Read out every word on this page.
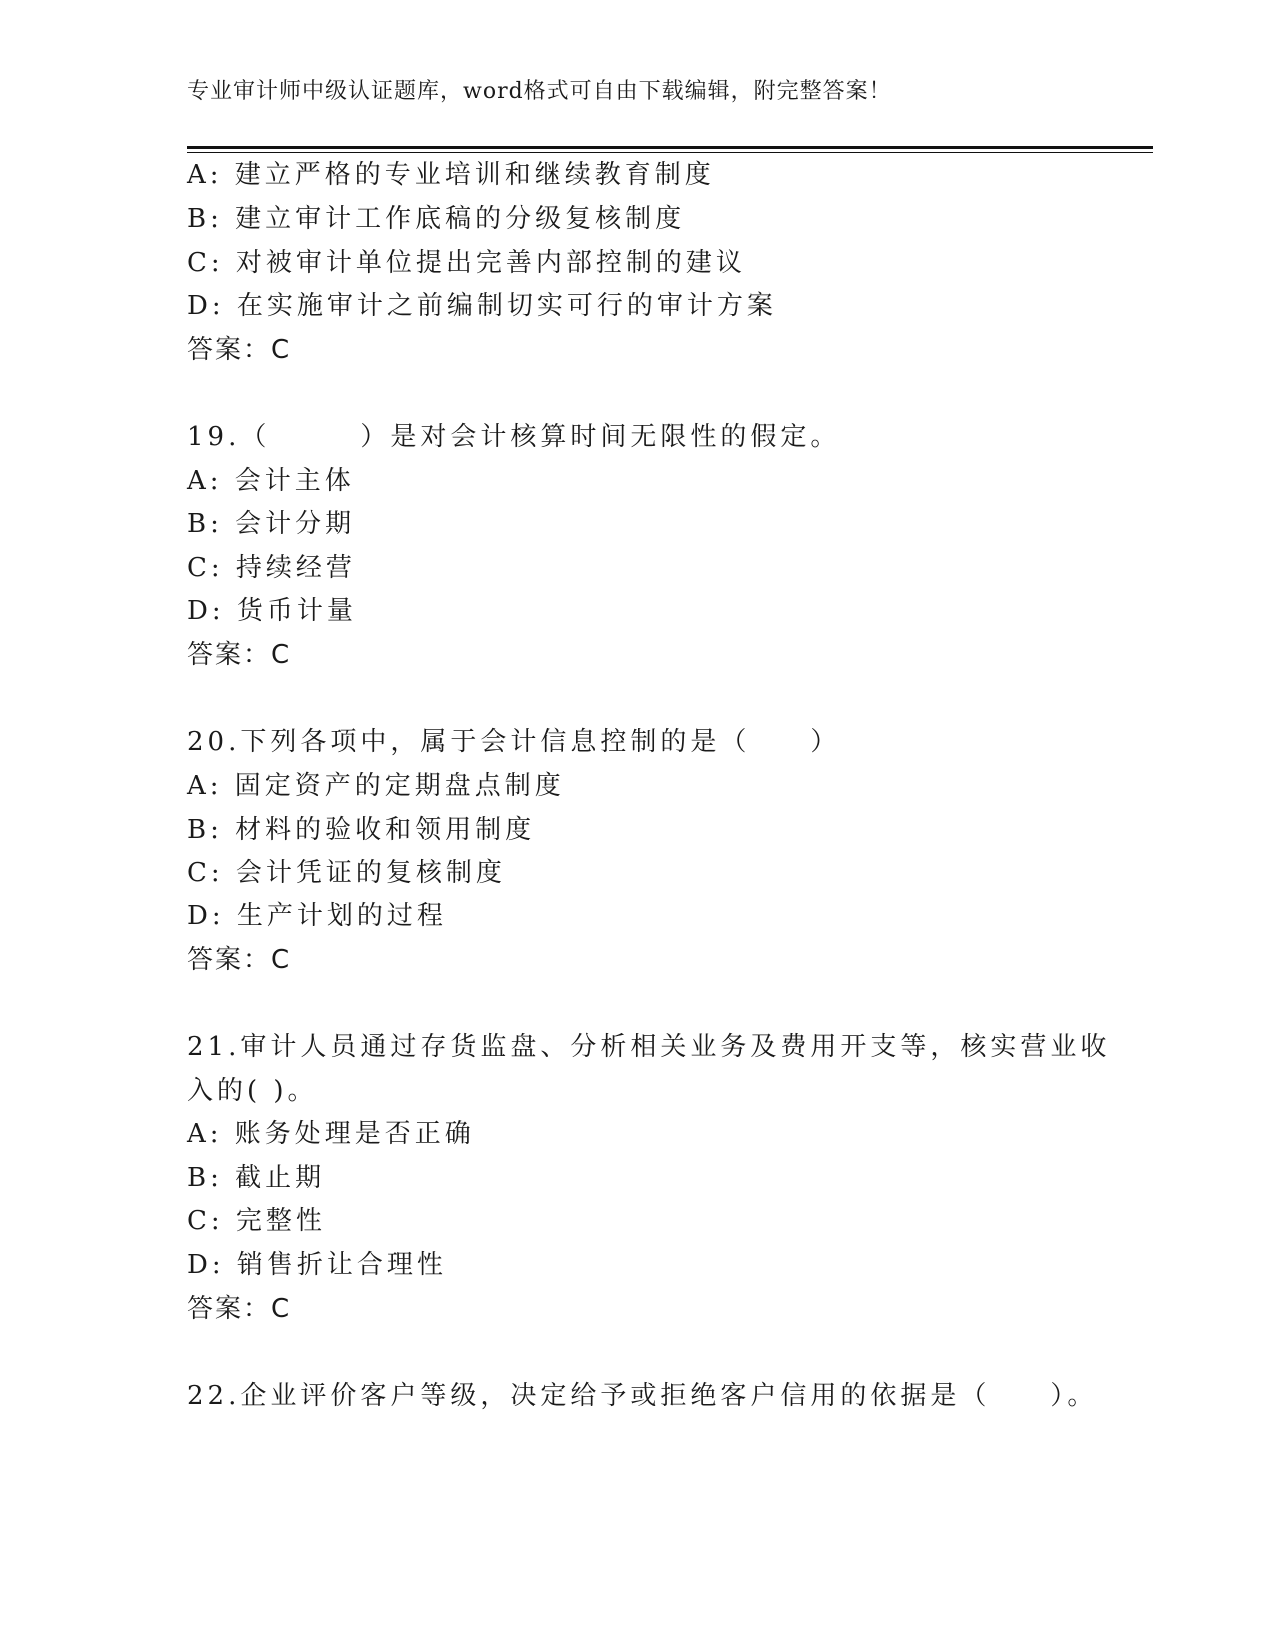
专业审计师中级认证题库，word格式可自由下载编辑，附完整答案！
A: 建立严格的专业培训和继续教育制度
B: 建立审计工作底稿的分级复核制度
C: 对被审计单位提出完善内部控制的建议
D: 在实施审计之前编制切实可行的审计方案
答案：C
19.（　　　）是对会计核算时间无限性的假定。
A: 会计主体
B: 会计分期
C: 持续经营
D: 货币计量
答案：C
20.下列各项中，属于会计信息控制的是（　　）
A: 固定资产的定期盘点制度
B: 材料的验收和领用制度
C: 会计凭证的复核制度
D: 生产计划的过程
答案：C
21.审计人员通过存货监盘、分析相关业务及费用开支等，核实营业收
入的( )。
A: 账务处理是否正确
B: 截止期
C: 完整性
D: 销售折让合理性
答案：C
22.企业评价客户等级，决定给予或拒绝客户信用的依据是（　　）。
